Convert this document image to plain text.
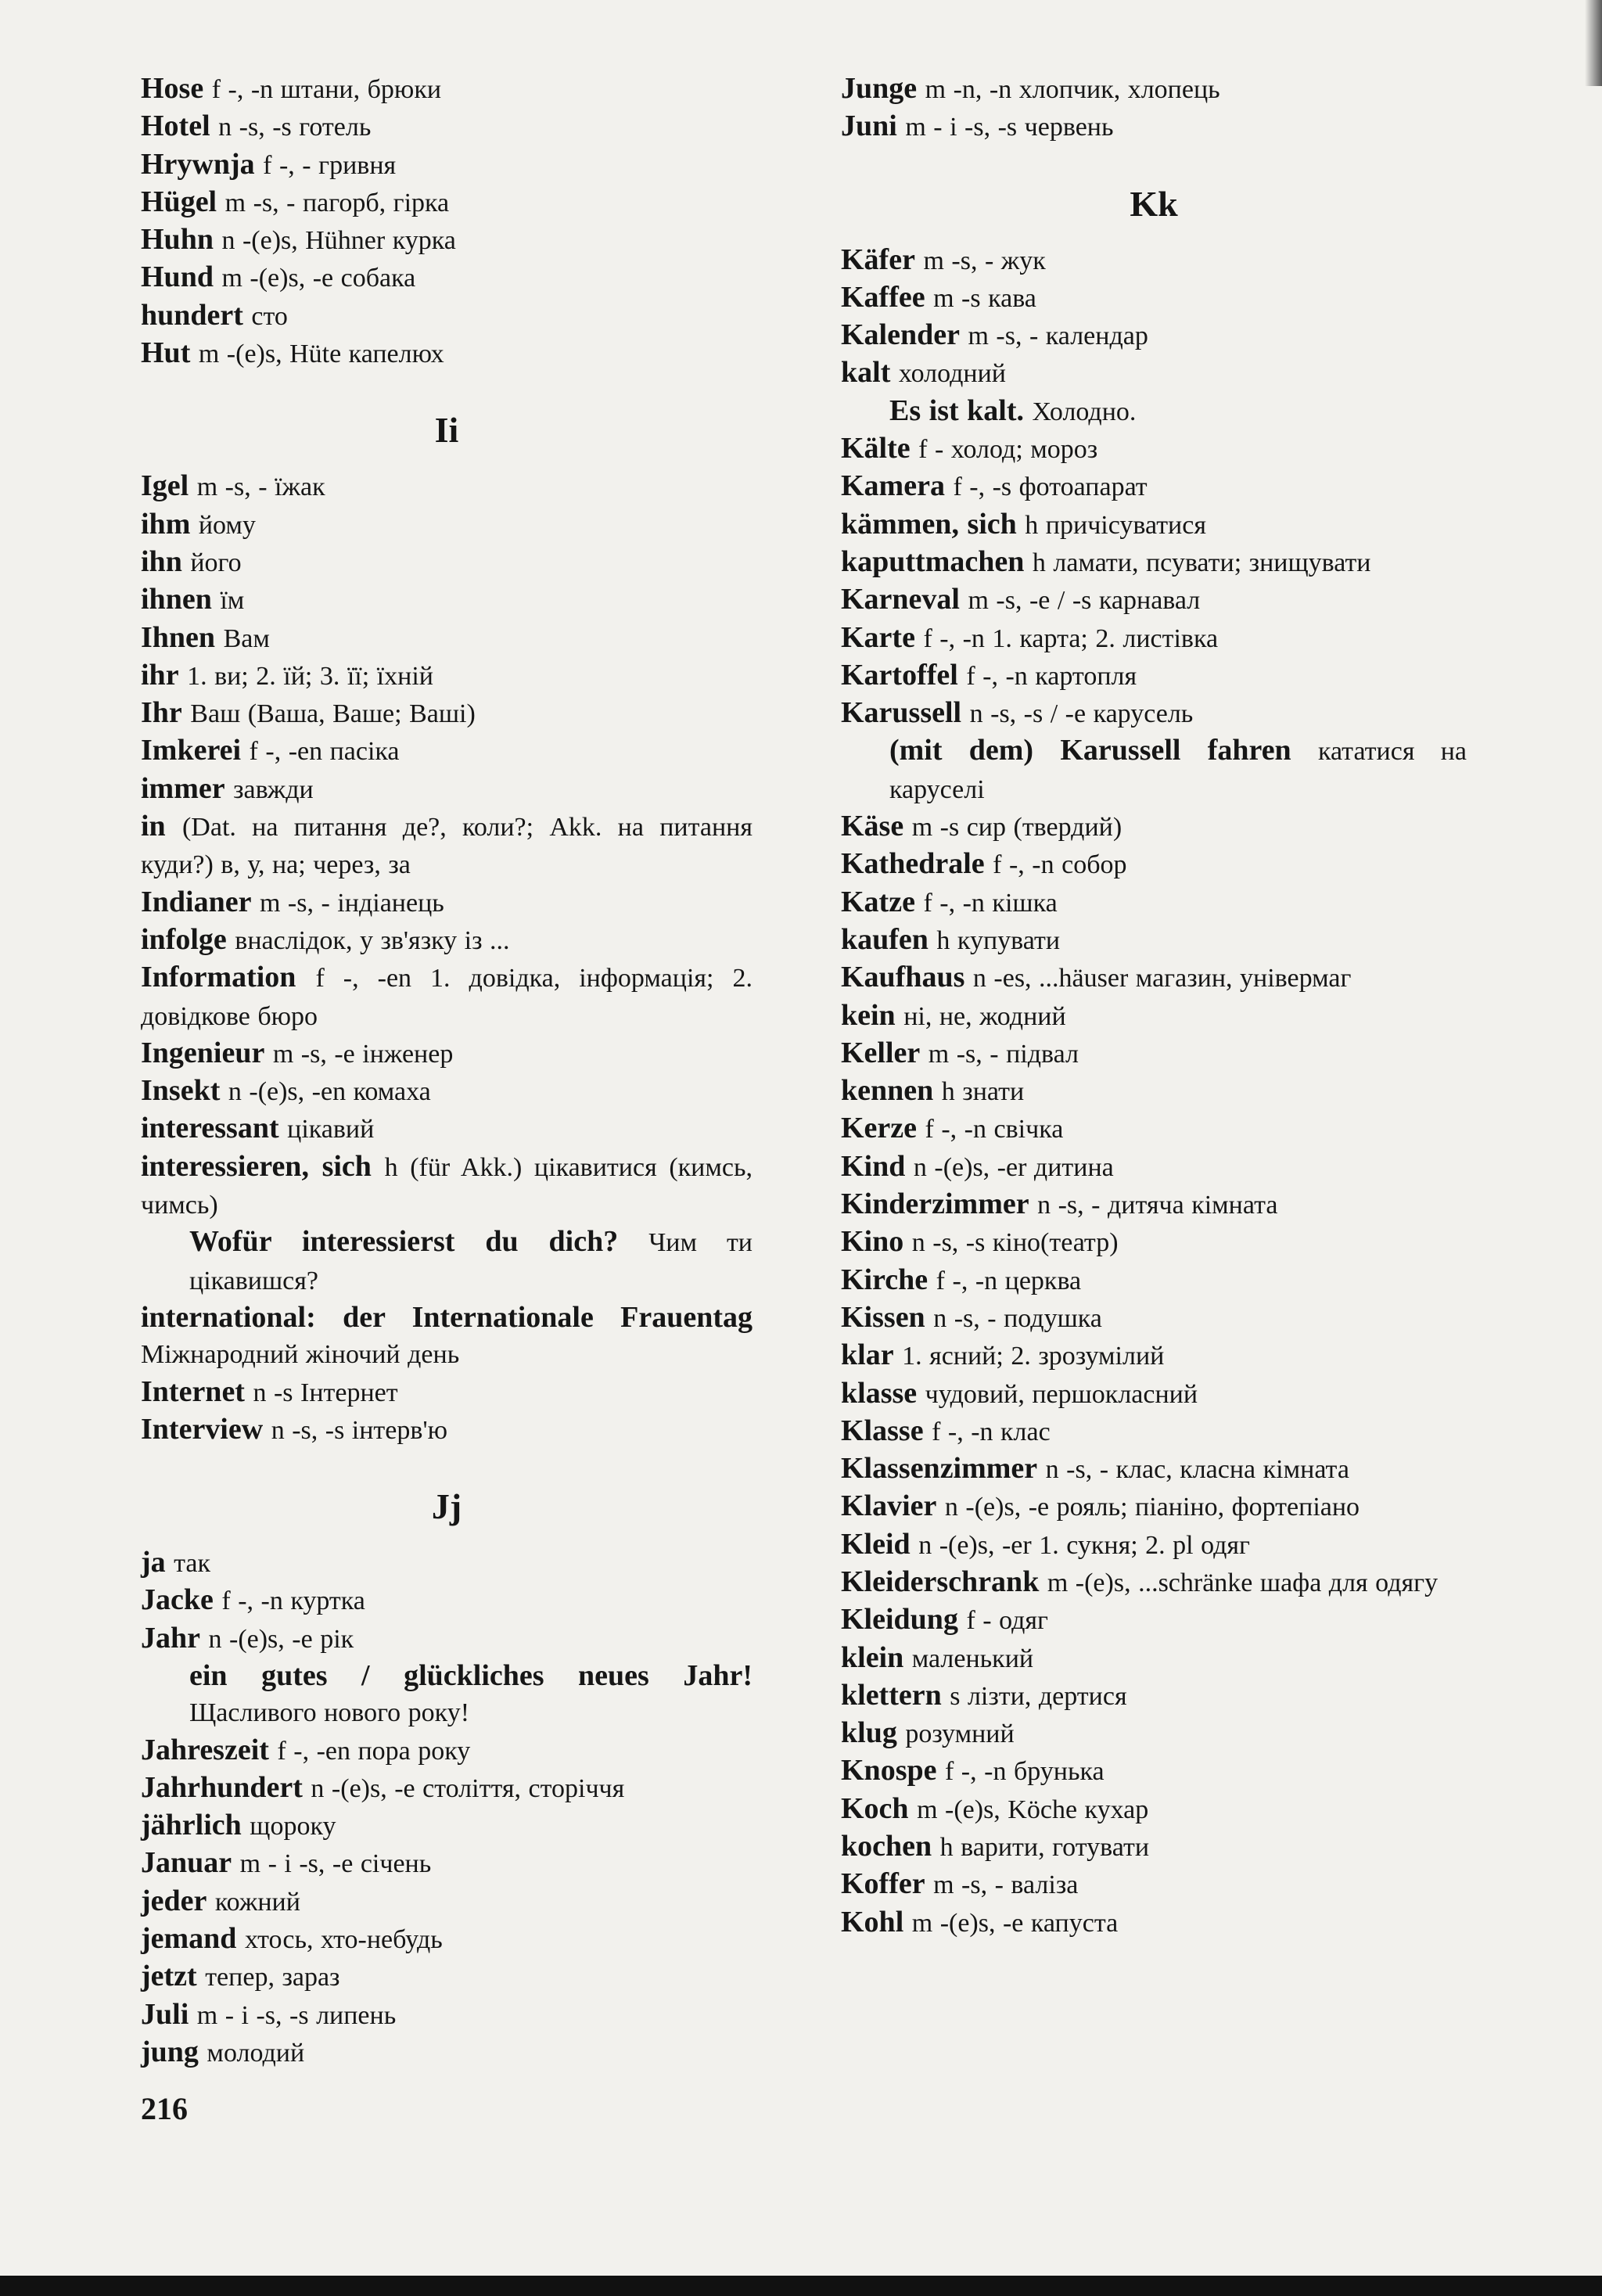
Hose f -, -n штани, брюки

Hotel n -s, -s готель

Hrywnja f -, - гривня

Hügel m -s, - пагорб, гірка

Huhn n -(e)s, Hühner курка

Hund m -(e)s, -e собака

hundert сто

Hut m -(e)s, Hüte капелюх

Ii

Igel m -s, - їжак

ihm йому

ihn його

ihnen їм

Ihnen Вам

ihr 1. ви; 2. їй; 3. її; їхній

Ihr Ваш (Ваша, Ваше; Ваші)

Imkerei f -, -en пасіка

immer завжди

in (Dat. на питання де?, коли?; Akk. на питання куди?) в, у, на; через, за

Indianer m -s, - індіанець

infolge внаслідок, у зв'язку із ...

Information f -, -en 1. довідка, інформація; 2. довідкове бюро

Ingenieur m -s, -e інженер

Insekt n -(e)s, -en комаха

interessant цікавий

interessieren, sich h (für Akk.) цікавитися (кимсь, чимсь)

Wofür interessierst du dich? Чим ти цікавишся?

international: der Internationale Frauentag Міжнародний жіночий день

Internet n -s Інтернет

Interview n -s, -s інтерв'ю

Jj

ja так

Jacke f -, -n куртка

Jahr n -(e)s, -e рік

ein gutes / glückliches neues Jahr! Щасливого нового року!

Jahreszeit f -, -en пора року

Jahrhundert n -(e)s, -e століття, сторіччя

jährlich щороку

Januar m - i -s, -e січень

jeder кожний

jemand хтось, хто-небудь

jetzt тепер, зараз

Juli m - i -s, -s липень

jung молодий

Junge m -n, -n хлопчик, хлопець

Juni m - i -s, -s червень

Kk

Käfer m -s, - жук

Kaffee m -s кава

Kalender m -s, - календар

kalt холодний

Es ist kalt. Холодно.

Kälte f - холод; мороз

Kamera f -, -s фотоапарат

kämmen, sich h причісуватися

kaputtmachen h ламати, псувати; знищувати

Karneval m -s, -e / -s карнавал

Karte f -, -n 1. карта; 2. листівка

Kartoffel f -, -n картопля

Karussell n -s, -s / -e карусель

(mit dem) Karussell fahren кататися на каруселі

Käse m -s сир (твердий)

Kathedrale f -, -n собор

Katze f -, -n кішка

kaufen h купувати

Kaufhaus n -es, ...häuser магазин, універмаг

kein ні, не, жодний

Keller m -s, - підвал

kennen h знати

Kerze f -, -n свічка

Kind n -(e)s, -er дитина

Kinderzimmer n -s, - дитяча кімната

Kino n -s, -s кіно(театр)

Kirche f -, -n церква

Kissen n -s, - подушка

klar 1. ясний; 2. зрозумілий

klasse чудовий, першокласний

Klasse f -, -n клас

Klassenzimmer n -s, - клас, класна кімната

Klavier n -(e)s, -e рояль; піаніно, фортепіано

Kleid n -(e)s, -er 1. сукня; 2. pl одяг

Kleiderschrank m -(e)s, ...schränke шафа для одягу

Kleidung f - одяг

klein маленький

klettern s лізти, дертися

klug розумний

Knospe f -, -n брунька

Koch m -(e)s, Köche кухар

kochen h варити, готувати

Koffer m -s, - валіза

Kohl m -(e)s, -e капуста

216
